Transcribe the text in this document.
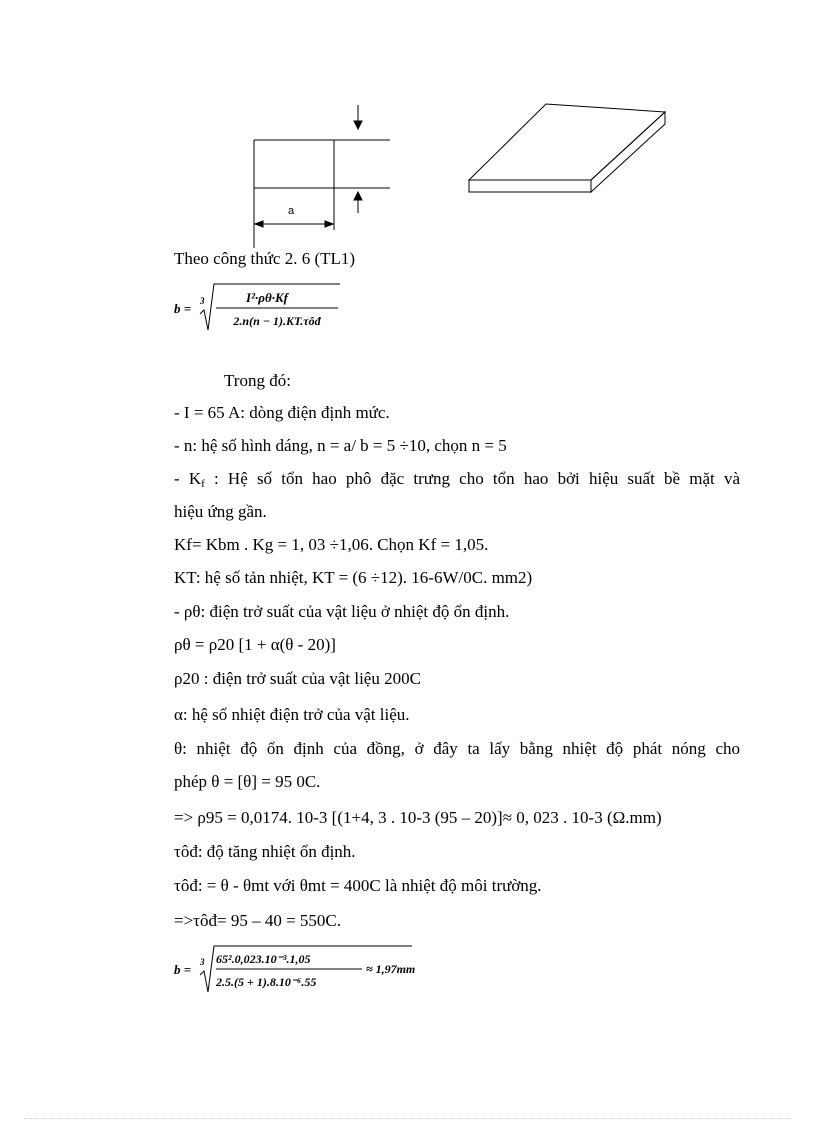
a
Theo công thức 2. 6 (TL1)
b = 3	I²·ρθ·Kf
2.n(n − 1).KT.τôđ
Trong đó:
- I = 65 A: dòng điện định mức.
- n: hệ số hình dáng, n = a/ b = 5 ÷10, chọn n = 5
- $K_f$ : Hệ số tổn hao phô đặc trưng cho tổn hao bởi hiệu suất bề mặt và
hiệu ứng gần.
Kf= Kbm . Kg = 1, 03 ÷1,06. Chọn Kf = 1,05.
KT: hệ số tản nhiệt, KT = (6 ÷12). 16-6W/0C. mm2)
- ρθ: điện trở suất của vật liệu ở nhiệt độ ổn định.
ρθ = ρ20 [1 + α(θ - 20)]
ρ20 : điện trở suất của vật liệu 200C
α: hệ số nhiệt điện trở của vật liệu.
θ: nhiệt độ ổn định của đồng, ở đây ta lấy bằng nhiệt độ phát nóng cho
phép θ = [θ] = 95 0C.
=> ρ95 = 0,0174. 10-3 [(1+4, 3 . 10-3 (95 – 20)]≈ 0, 023 . 10-3 (Ω.mm)
τôđ: độ tăng nhiệt ổn định.
τôđ: = θ - θmt với θmt = 400C là nhiệt độ môi trường.
=>τôđ= 95 – 40 = 550C.
b = 3 65².0,023.10⁻³.1,05
2.5.(5 + 1).8.10⁻⁶.55
≈ 1,97mm
